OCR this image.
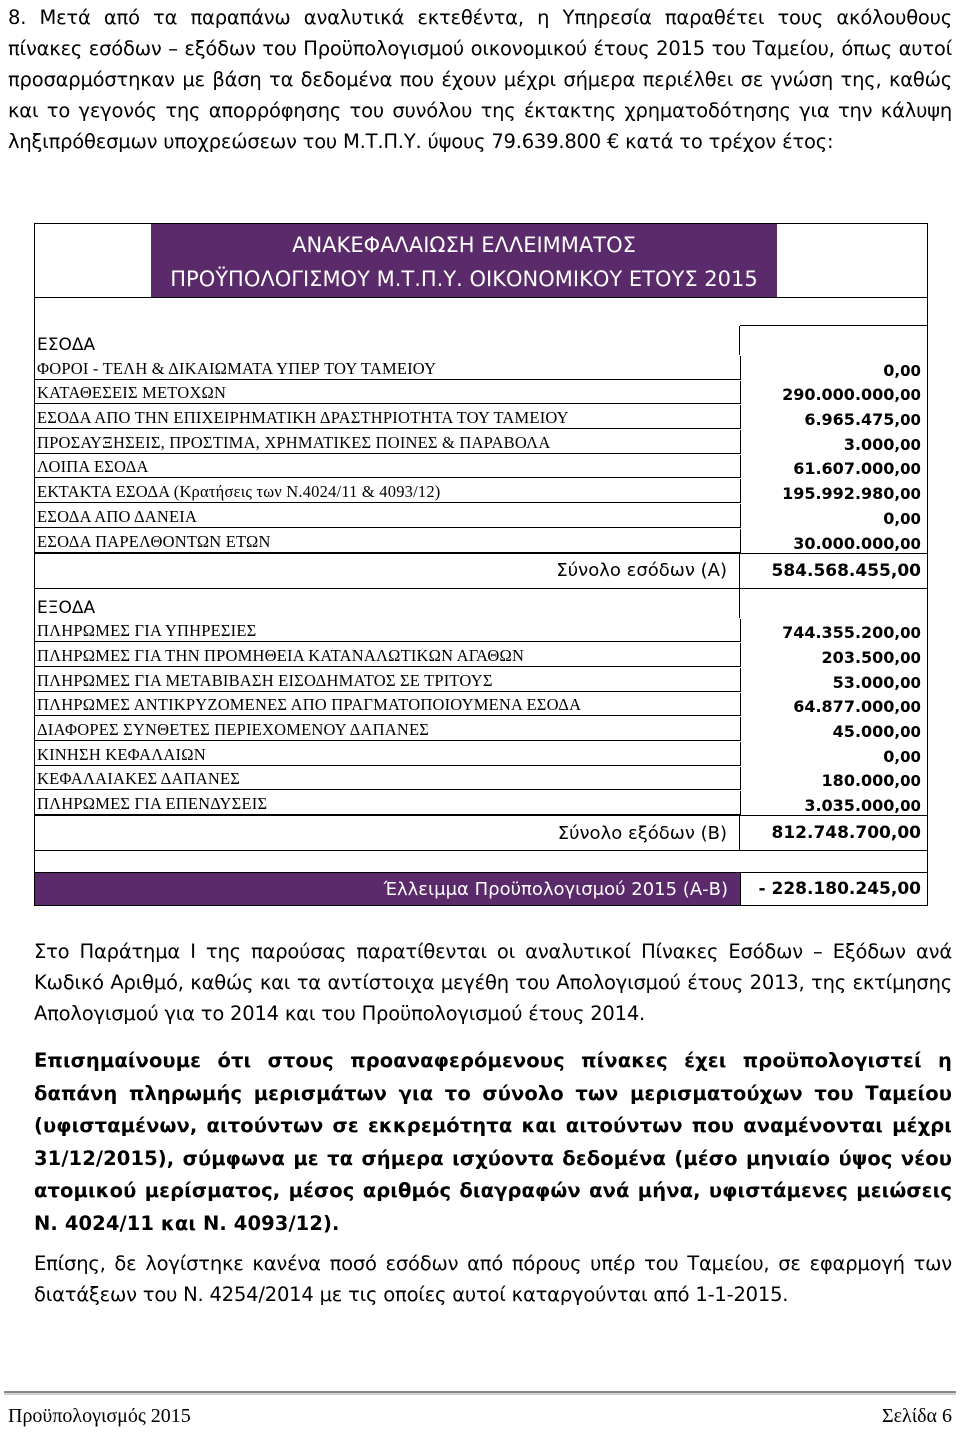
8. Μετά από τα παραπάνω αναλυτικά εκτεθέντα, η Υπηρεσία παραθέτει τους ακόλουθους πίνακες εσόδων – εξόδων του Προϋπολογισμού οικονομικού έτους 2015 του Ταμείου, όπως αυτοί προσαρμόστηκαν με βάση τα δεδομένα που έχουν μέχρι σήμερα περιέλθει σε γνώση της, καθώς και το γεγονός της απορρόφησης του συνόλου της έκτακτης χρηματοδότησης για την κάλυψη ληξιπρόθεσμων υποχρεώσεων του Μ.Τ.Π.Υ. ύψους 79.639.800 € κατά το τρέχον έτος:
ΑΝΑΚΕΦΑΛΑΙΩΣΗ ΕΛΛΕΙΜΜΑΤΟΣ
ΠΡΟΫΠΟΛΟΓΙΣΜΟΥ Μ.Τ.Π.Υ. ΟΙΚΟΝΟΜΙΚΟΥ ΕΤΟΥΣ 2015
ΕΣΟΔΑ
ΦΟΡΟΙ - ΤΕΛΗ & ΔΙΚΑΙΩΜΑΤΑ ΥΠΕΡ ΤΟΥ ΤΑΜΕΙΟΥ	0 ,00
ΚΑΤΑΘΕΣΕΙΣ ΜΕΤΟΧΩΝ	290.000.000 ,00
ΕΣΟΔΑ ΑΠΟ ΤΗΝ ΕΠΙΧΕΙΡΗΜΑΤΙΚΗ ΔΡΑΣΤΗΡΙΟΤΗΤΑ ΤΟΥ ΤΑΜΕΙΟΥ	6.965.475 ,00
ΠΡΟΣΑΥΞΗΣΕΙΣ, ΠΡΟΣΤΙΜΑ, ΧΡΗΜΑΤΙΚΕΣ ΠΟΙΝΕΣ & ΠΑΡΑΒΟΛΑ	3.000 ,00
ΛΟΙΠΑ ΕΣΟΔΑ	61.607.000 ,00
ΕΚΤΑΚΤΑ ΕΣΟΔΑ (Κρατήσεις των Ν.4024/11 & 4093/12)	195.992.980 ,00
ΕΣΟΔΑ ΑΠΟ ΔΑΝΕΙΑ	0 ,00
ΕΣΟΔΑ ΠΑΡΕΛΘΟΝΤΩΝ ΕΤΩΝ	30.000.000 ,00
Σύνολο εσόδων (Α)	584.568.455,00
ΕΞΟΔΑ
ΠΛΗΡΩΜΕΣ ΓΙΑ ΥΠΗΡΕΣΙΕΣ	744.355.200 ,00
ΠΛΗΡΩΜΕΣ ΓΙΑ ΤΗΝ ΠΡΟΜΗΘΕΙΑ ΚΑΤΑΝΑΛΩΤΙΚΩΝ ΑΓΑΘΩΝ	203.500 ,00
ΠΛΗΡΩΜΕΣ ΓΙΑ ΜΕΤΑΒΙΒΑΣΗ ΕΙΣΟΔΗΜΑΤΟΣ ΣΕ ΤΡΙΤΟΥΣ	53.000 ,00
ΠΛΗΡΩΜΕΣ ΑΝΤΙΚΡΥΖΟΜΕΝΕΣ ΑΠΟ ΠΡΑΓΜΑΤΟΠΟΙΟΥΜΕΝΑ ΕΣΟΔΑ	64.877.000 ,00
ΔΙΑΦΟΡΕΣ ΣΥΝΘΕΤΕΣ ΠΕΡΙΕΧΟΜΕΝΟΥ ΔΑΠΑΝΕΣ	45.000 ,00
ΚΙΝΗΣΗ ΚΕΦΑΛΑΙΩΝ	0 ,00
ΚΕΦΑΛΑΙΑΚΕΣ ΔΑΠΑΝΕΣ	180.000 ,00
ΠΛΗΡΩΜΕΣ ΓΙΑ ΕΠΕΝΔΥΣΕΙΣ	3.035.000 ,00
Σύνολο εξόδων (Β)	812.748.700,00
Έλλειμμα Προϋπολογισμού 2015 (Α-Β)	- 228.180.245 ,00
Στο Παράτημα Ι της παρούσας παρατίθενται οι αναλυτικοί Πίνακες Εσόδων – Εξόδων ανά Κωδικό Αριθμό, καθώς και τα αντίστοιχα μεγέθη του Απολογισμού έτους 2013, της εκτίμησης Απολογισμού για το 2014 και του Προϋπολογισμού έτους 2014.
Επισημαίνουμε ότι στους προαναφερόμενους πίνακες έχει προϋπολογιστεί η δαπάνη πληρωμής μερισμάτων για το σύνολο των μερισματούχων του Ταμείου (υφισταμένων, αιτούντων σε εκκρεμότητα και αιτούντων που αναμένονται μέχρι 31/12/2015), σύμφωνα με τα σήμερα ισχύοντα δεδομένα (μέσο μηνιαίο ύψος νέου ατομικού μερίσματος, μέσος αριθμός διαγραφών ανά μήνα, υφιστάμενες μειώσεις Ν. 4024/11 και Ν. 4093/12).
Επίσης, δε λογίστηκε κανένα ποσό εσόδων από πόρους υπέρ του Ταμείου, σε εφαρμογή των διατάξεων του Ν. 4254/2014 με τις οποίες αυτοί καταργούνται από 1-1-2015.
Προϋπολογισμός 2015	Σελίδα 6
